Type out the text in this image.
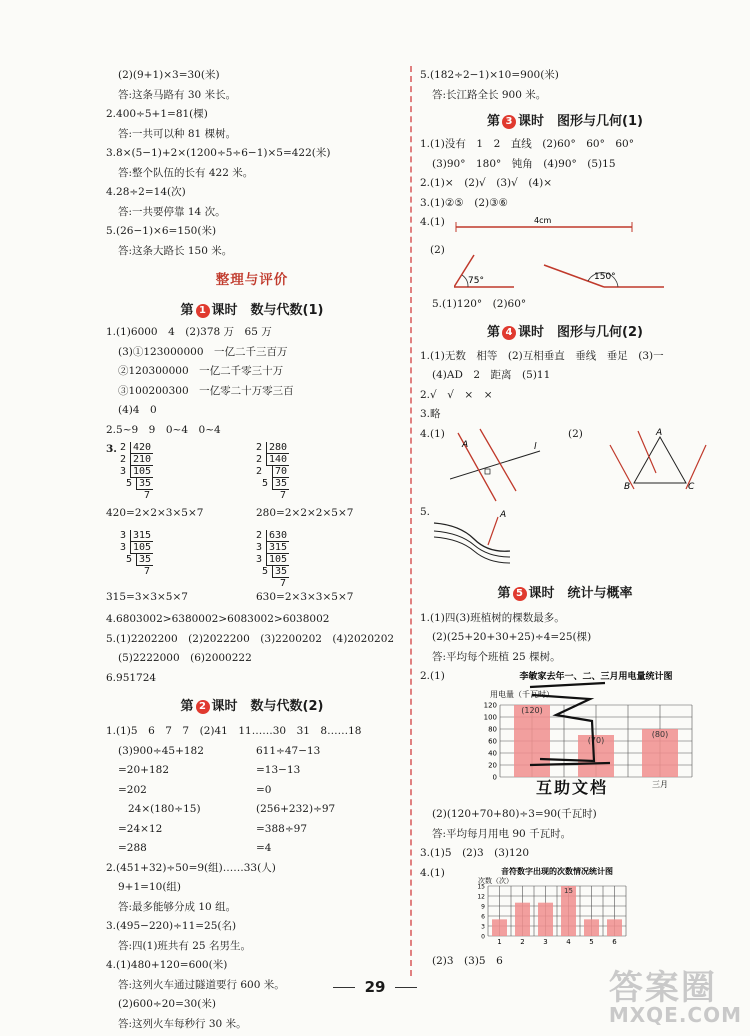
(2)(9+1)×3=30(米)
答:这条马路有 30 米长。
2.400÷5+1=81(棵)
答:一共可以种 81 棵树。
3.8×(5−1)+2×(1200÷5÷6−1)×5=422(米)
答:整个队伍的长有 422 米。
4.28÷2=14(次)
答:一共要停靠 14 次。
5.(26−1)×6=150(米)
答:这条大路长 150 米。
整理与评价
第 1 课时　数与代数(1)
1.(1)6000　4　(2)378 万　65 万
(3)①123000000　一亿二千三百万
②120300000　一亿二千零三十万
③100200300　一亿零二十万零三百
(4)4　0
2.5~9　9　0~4　0~4
3. 2 420
2 210
3 105
5 35
7
2 280
2 140
2	70
5 35
7
420=2×2×3×5×7	280=2×2×2×5×7
3 315
3 105
5 35
7
2 630
3 315
3 105
5 35
7
315=3×3×5×7	630=2×3×3×5×7
4.6803002>6380002>6083002>6038002
5.(1)2202200　(2)2022200　(3)2200202　(4)2020202
(5)2222000　(6)2000222
6.951724
第 2 课时　数与代数(2)
1.(1)5　6　7　7　(2)41　11……30　31　8……18
(3)900÷45+182
=20+182
=202
24×(180÷15)
=24×12
=288
611÷47−13
=13−13
=0
(256+232)÷97
=388÷97
=4
2.(451+32)÷50=9(组)……33(人)
9+1=10(组)
答:最多能够分成 10 组。
3.(495−220)÷11=25(名)
答:四(1)班共有 25 名男生。
4.(1)480+120=600(米)
答:这列火车通过隧道要行 600 米。
(2)600÷20=30(米)
答:这列火车每秒行 30 米。
5.(182÷2−1)×10=900(米)
答:长江路全长 900 米。
第 3 课时　图形与几何(1)
1.(1)没有　1　2　直线　(2)60°　60°　60°
(3)90°　180°　钝角　(4)90°　(5)15
2.(1)×　(2)√　(3)√　(4)×
3.(1)②⑤　(2)③⑥
4.(1)	4cm
75°	150°
(2)
5.(1)120°　(2)60°
第 4 课时　图形与几何(2)
1.(1)无数　相等　(2)互相垂直　垂线　垂足　(3)一
(4)AD　2　距离　(5)11
2.√　√　×　×
3.略
4.(1)	(2)
A	l
A
B	C
5.	A
第 5 课时　统计与概率
1.(1)四(3)班植树的棵数最多。
(2)(25+20+30+25)÷4=25(棵)
答:平均每个班植 25 棵树。
2.(1)	李敏家去年一、二、三月用电量统计图
用电量（千瓦时）
0
20
40
60
80
100
120
(120)
(70)
(80)
三月
互助文档
(2)(120+70+80)÷3=90(千瓦时)
答:平均每月用电 90 千瓦时。
3.(1)5　(2)3　(3)120
4.(1)	音符数字出现的次数情况统计图
次数（次）
0
3
6
9
12
15
1	2	3
15
4	5	6
(2)3　(3)5　6
29	答案圈
MXQE.COM
